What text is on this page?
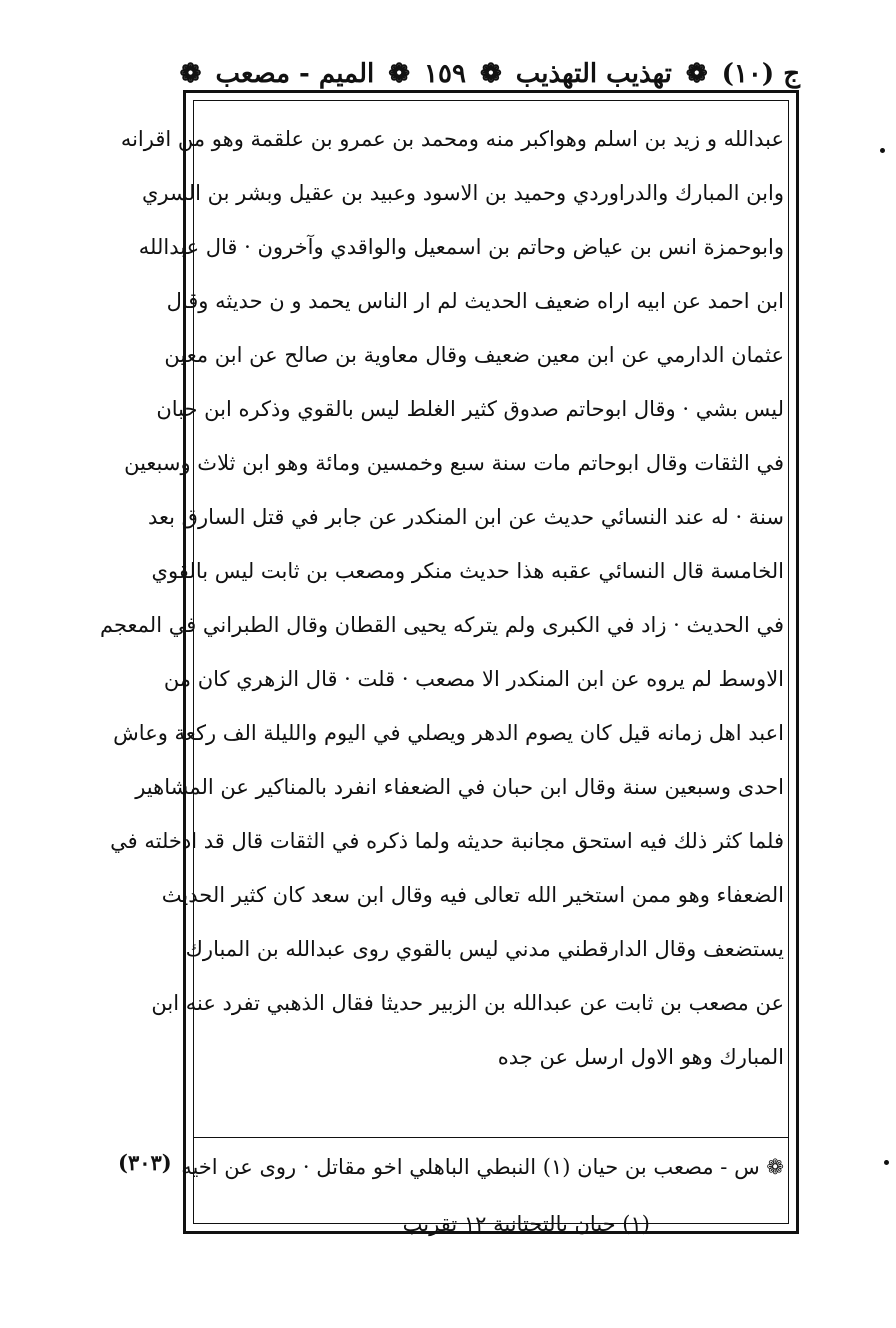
ج (١٠)
❁
تهذيب التهذيب
❁
١٥٩
❁
الميم - مصعب
❁
عبدالله و زيد بن اسلم وهواكبر منه ومحمد بن عمرو بن علقمة وهو من اقرانه
وابن المبارك والدراوردي وحميد بن الاسود وعبيد بن عقيل وبشر بن السري
وابوحمزة انس بن عياض وحاتم بن اسمعيل والواقدي وآخرون · قال عبدالله
ابن احمد عن ابيه اراه ضعيف الحديث لم ار الناس يحمد و ن حديثه وقال
عثمان الدارمي عن ابن معين ضعيف وقال معاوية بن صالح عن ابن معين
ليس بشي · وقال ابوحاتم صدوق كثير الغلط ليس بالقوي وذكره ابن حبان
في الثقات وقال ابوحاتم مات سنة سبع وخمسين ومائة وهو ابن ثلاث وسبعين
سنة · له عند النسائي حديث عن ابن المنكدر عن جابر في قتل السارق بعد
الخامسة قال النسائي عقبه هذا حديث منكر ومصعب بن ثابت ليس بالقوي
في الحديث · زاد في الكبرى ولم يتركه يحيى القطان وقال الطبراني في المعجم
الاوسط لم يروه عن ابن المنكدر الا مصعب · قلت · قال الزهري كان من
اعبد اهل زمانه قيل كان يصوم الدهر ويصلي في اليوم والليلة الف ركعة وعاش
احدى وسبعين سنة وقال ابن حبان في الضعفاء انفرد بالمناكير عن المشاهير
فلما كثر ذلك فيه استحق مجانبة حديثه ولما ذكره في الثقات قال قد ادخلته في
الضعفاء وهو ممن استخير الله تعالى فيه وقال ابن سعد كان كثير الحديث
يستضعف وقال الدارقطني مدني ليس بالقوي روى عبدالله بن المبارك
عن مصعب بن ثابت عن عبدالله بن الزبير حديثا فقال الذهبي تفرد عنه ابن
المبارك وهو الاول ارسل عن جده
❁ س - مصعب بن حيان (١) النبطي الباهلي اخو مقاتل · روى عن اخيه
(٣٠٣)
(١) حيان بالتحتانية ١٢ تقريب
